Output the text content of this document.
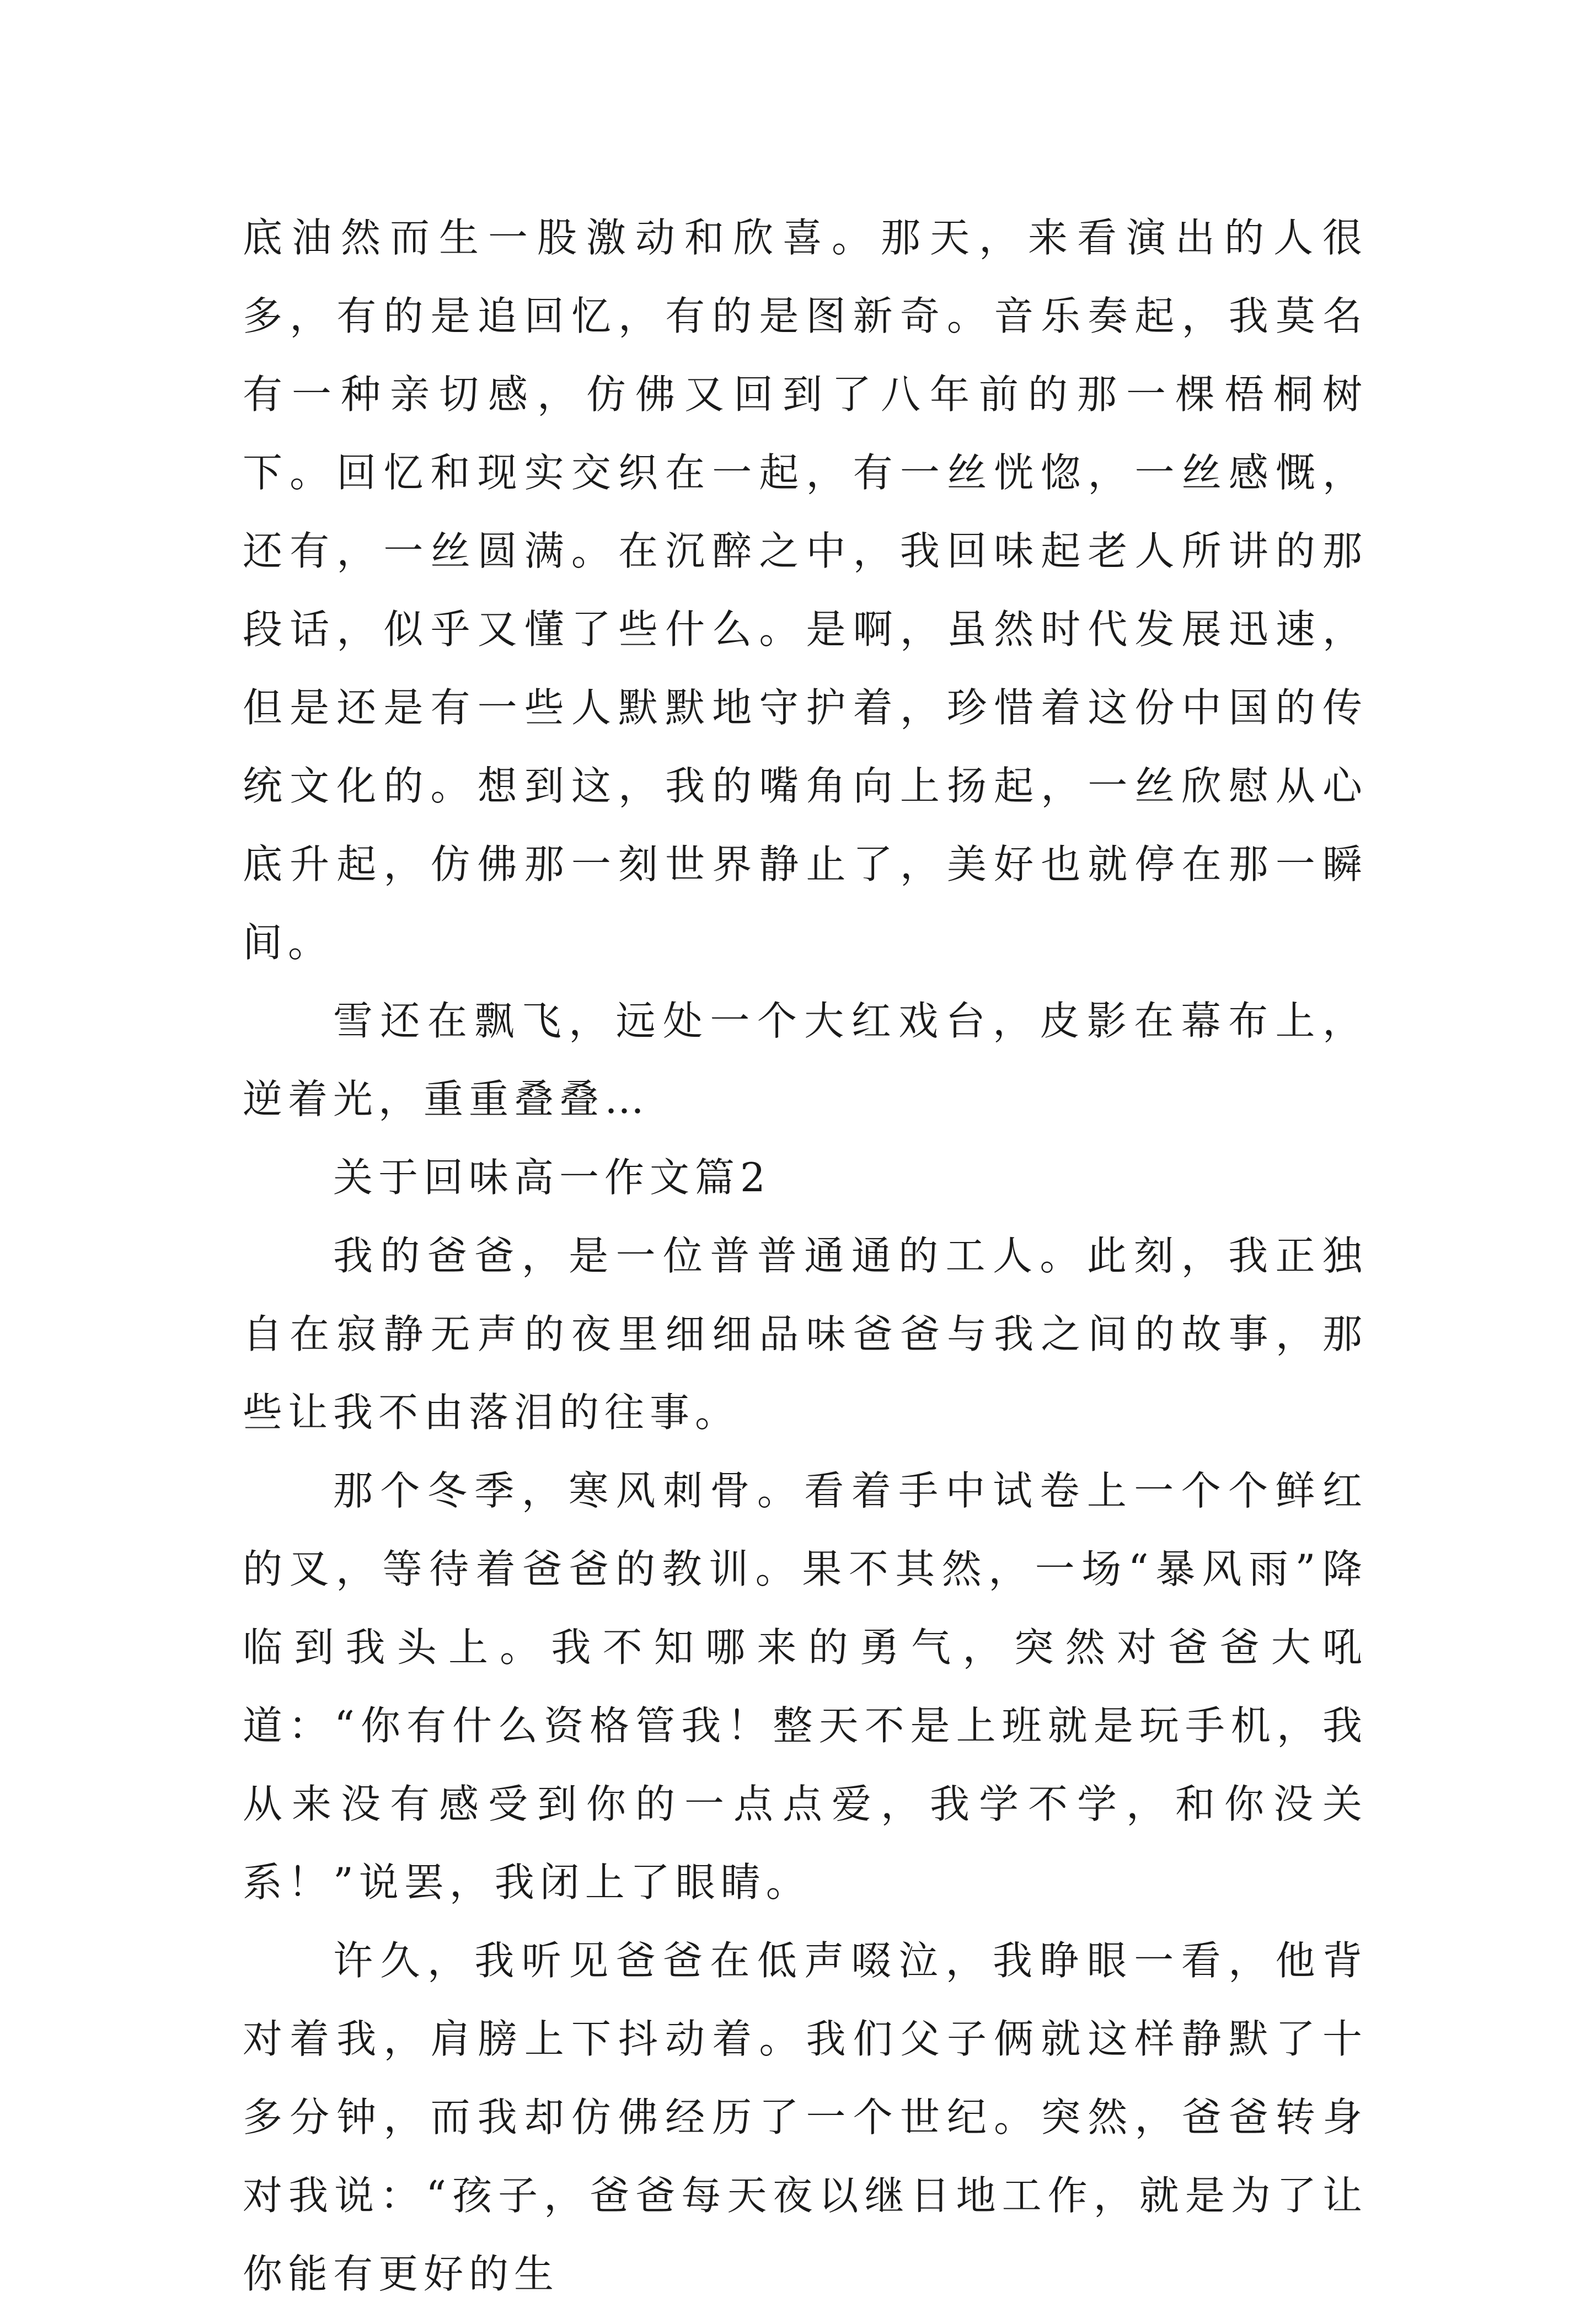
底油然而生一股激动和欣喜。那天，来看演出的人很多，有的是追回忆，有的是图新奇。音乐奏起，我莫名有一种亲切感，仿佛又回到了八年前的那一棵梧桐树下。回忆和现实交织在一起，有一丝恍惚，一丝感慨，还有，一丝圆满。在沉醉之中，我回味起老人所讲的那段话，似乎又懂了些什么。是啊，虽然时代发展迅速，但是还是有一些人默默地守护着，珍惜着这份中国的传统文化的。想到这，我的嘴角向上扬起，一丝欣慰从心底升起，仿佛那一刻世界静止了，美好也就停在那一瞬间。

雪还在飘飞，远处一个大红戏台，皮影在幕布上，逆着光，重重叠叠…

关于回味高一作文篇2

我的爸爸，是一位普普通通的工人。此刻，我正独自在寂静无声的夜里细细品味爸爸与我之间的故事，那些让我不由落泪的往事。

那个冬季，寒风刺骨。看着手中试卷上一个个鲜红的叉，等待着爸爸的教训。果不其然，一场“暴风雨”降临到我头上。我不知哪来的勇气，突然对爸爸大吼道：“你有什么资格管我！整天不是上班就是玩手机，我从来没有感受到你的一点点爱，我学不学，和你没关系！”说罢，我闭上了眼睛。

许久，我听见爸爸在低声啜泣，我睁眼一看，他背对着我，肩膀上下抖动着。我们父子俩就这样静默了十多分钟，而我却仿佛经历了一个世纪。突然，爸爸转身对我说：“孩子，爸爸每天夜以继日地工作，就是为了让你能有更好的生
